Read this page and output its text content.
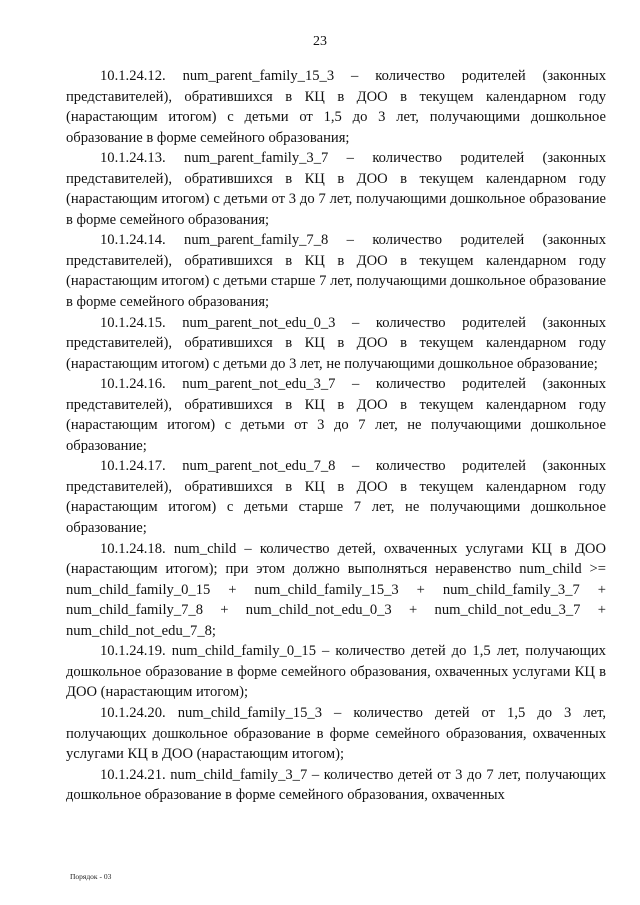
23

10.1.24.12. num_parent_family_15_3 – количество родителей (законных представителей), обратившихся в КЦ в ДОО в текущем календарном году (нарастающим итогом) с детьми от 1,5 до 3 лет, получающими дошкольное образование в форме семейного образования;

10.1.24.13. num_parent_family_3_7 – количество родителей (законных представителей), обратившихся в КЦ в ДОО в текущем календарном году (нарастающим итогом) с детьми от 3 до 7 лет, получающими дошкольное образование в форме семейного образования;

10.1.24.14. num_parent_family_7_8 – количество родителей (законных представителей), обратившихся в КЦ в ДОО в текущем календарном году (нарастающим итогом) с детьми старше 7 лет, получающими дошкольное образование в форме семейного образования;

10.1.24.15. num_parent_not_edu_0_3 – количество родителей (законных представителей), обратившихся в КЦ в ДОО в текущем календарном году (нарастающим итогом) с детьми до 3 лет, не получающими дошкольное образование;

10.1.24.16. num_parent_not_edu_3_7 – количество родителей (законных представителей), обратившихся в КЦ в ДОО в текущем календарном году (нарастающим итогом) с детьми от 3 до 7 лет, не получающими дошкольное образование;

10.1.24.17. num_parent_not_edu_7_8 – количество родителей (законных представителей), обратившихся в КЦ в ДОО в текущем календарном году (нарастающим итогом) с детьми старше 7 лет, не получающими дошкольное образование;

10.1.24.18. num_child – количество детей, охваченных услугами КЦ в ДОО (нарастающим итогом); при этом должно выполняться неравенство num_child >= num_child_family_0_15 + num_child_family_15_3 + num_child_family_3_7 + num_child_family_7_8 + num_child_not_edu_0_3 + num_child_not_edu_3_7 + num_child_not_edu_7_8;

10.1.24.19. num_child_family_0_15 – количество детей до 1,5 лет, получающих дошкольное образование в форме семейного образования, охваченных услугами КЦ в ДОО (нарастающим итогом);

10.1.24.20. num_child_family_15_3 – количество детей от 1,5 до 3 лет, получающих дошкольное образование в форме семейного образования, охваченных услугами КЦ в ДОО (нарастающим итогом);

10.1.24.21. num_child_family_3_7 – количество детей от 3 до 7 лет, получающих дошкольное образование в форме семейного образования, охваченных

Порядок - 03
